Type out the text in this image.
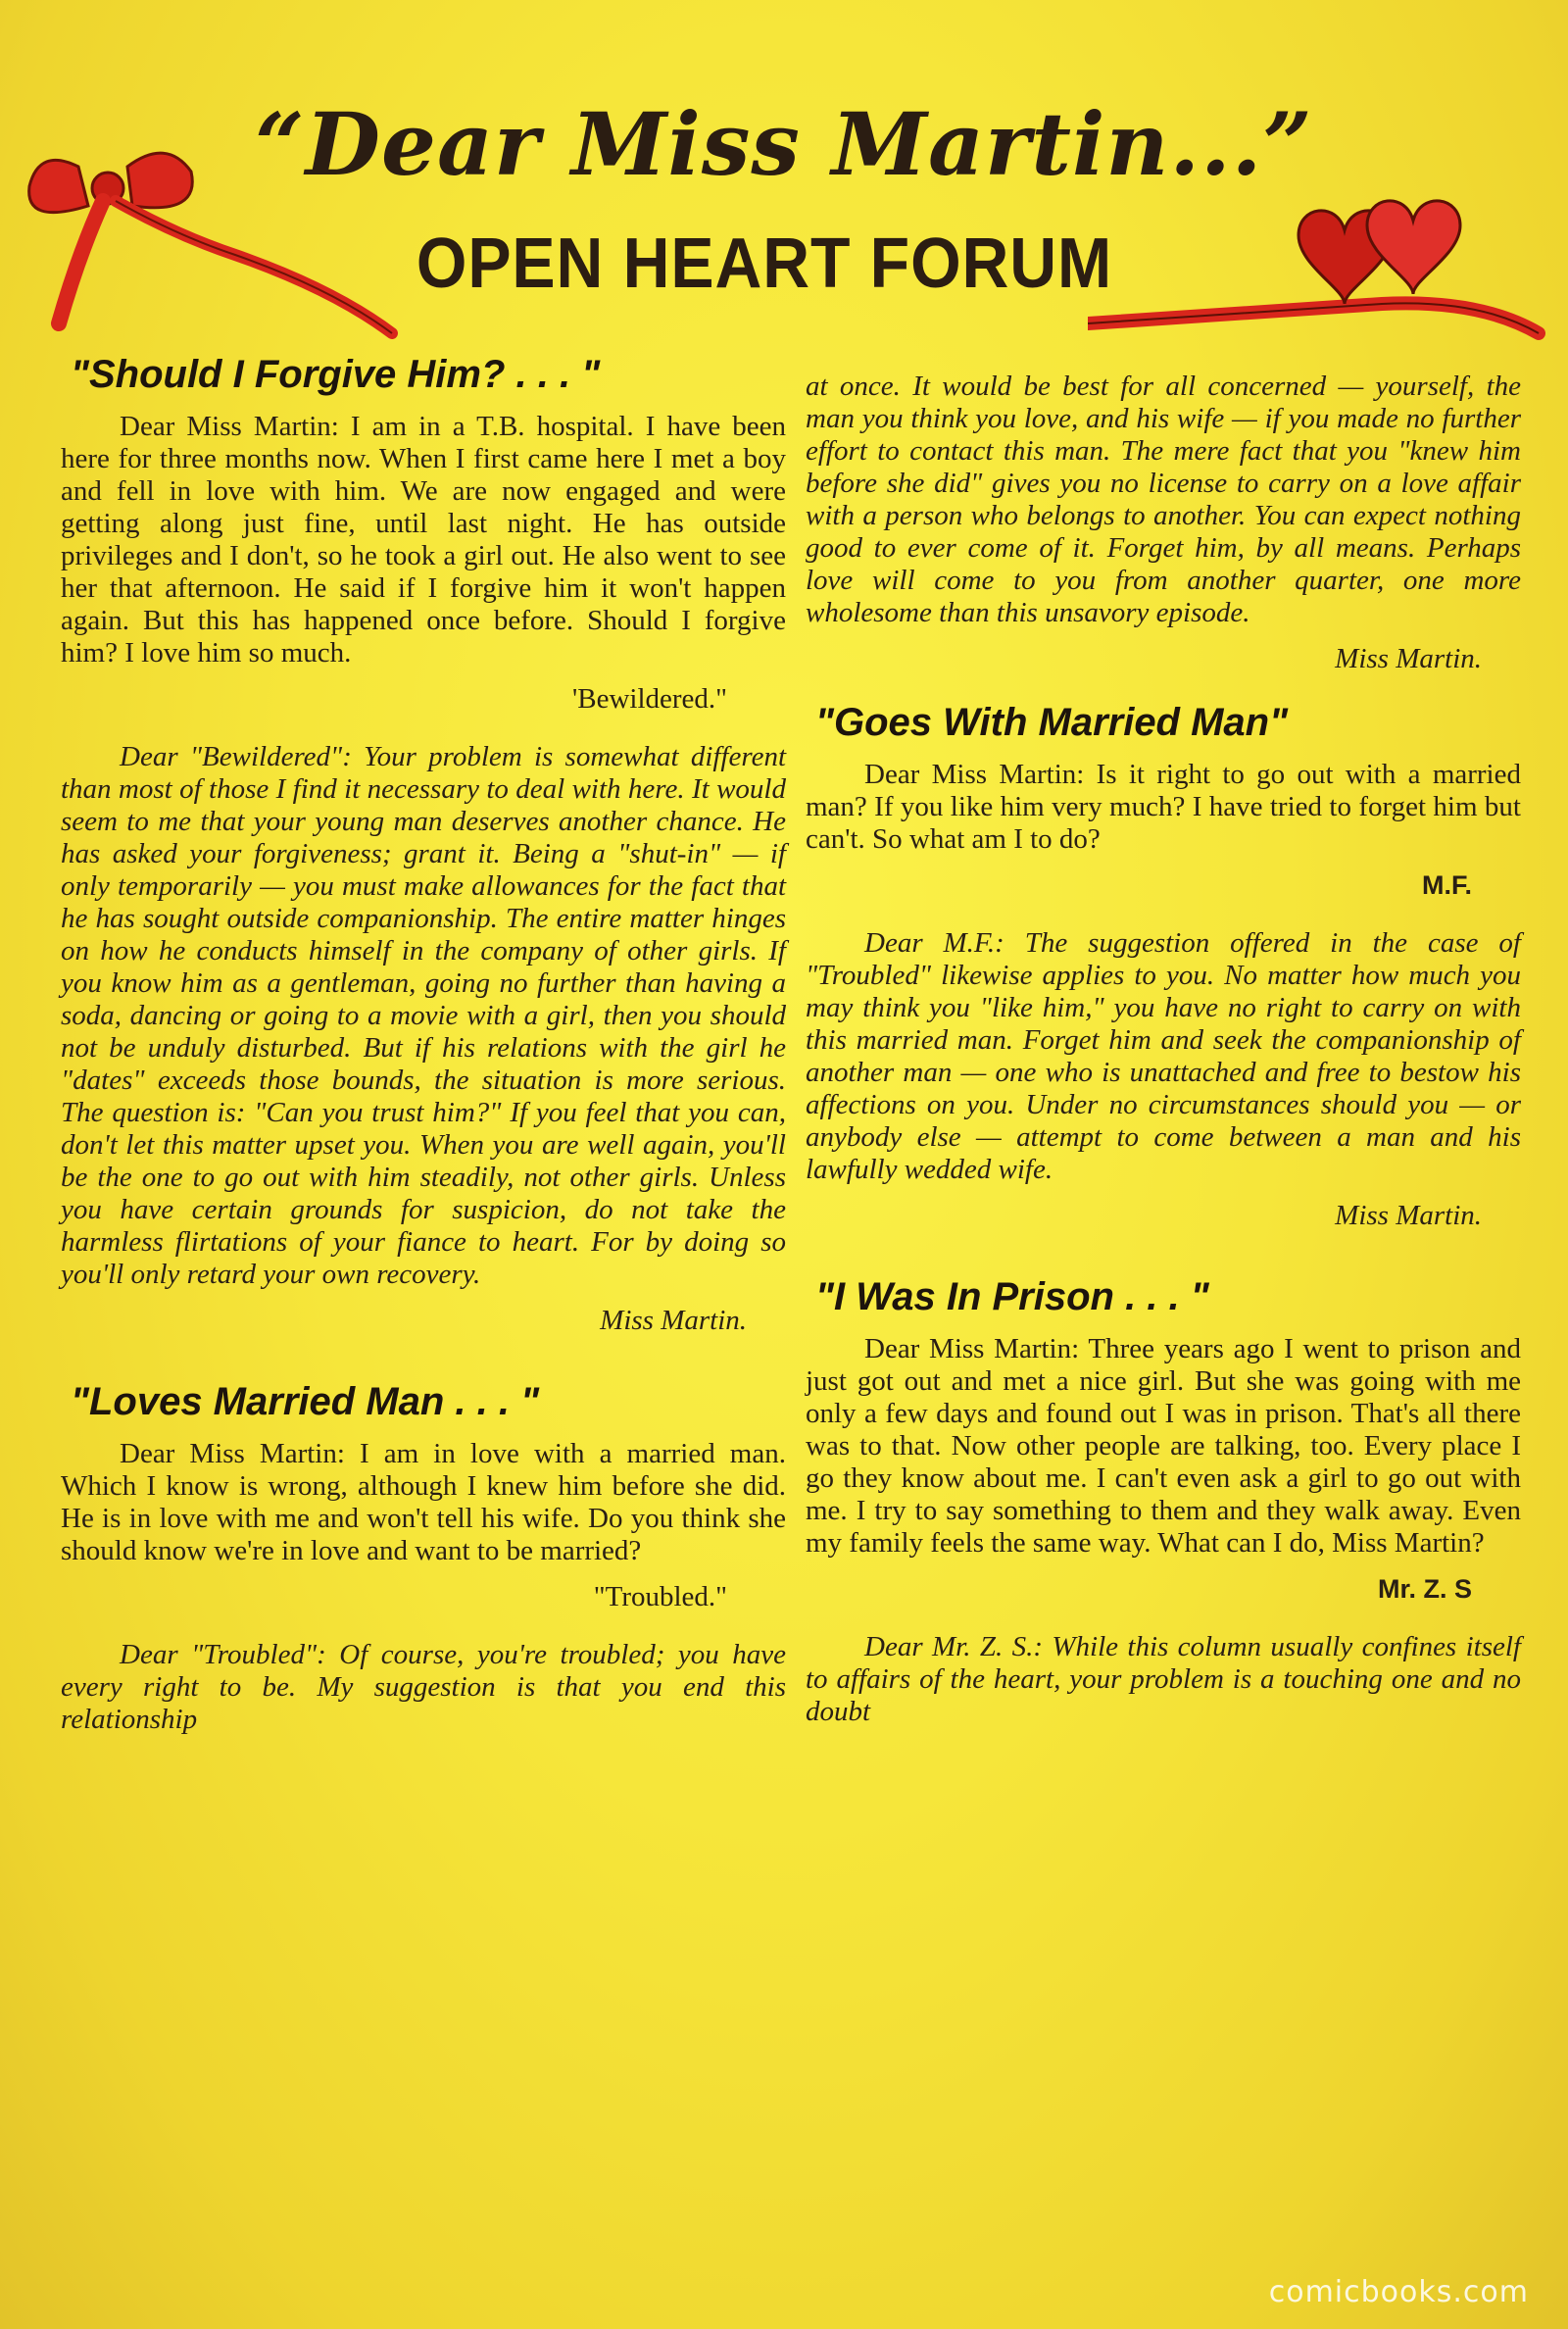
“Dear Miss Martin...”
OPEN HEART FORUM
"Should I Forgive Him? . . . "

Dear Miss Martin: I am in a T.B. hospital. I have been here for three months now. When I first came here I met a boy and fell in love with him. We are now engaged and were getting along just fine, until last night. He has outside privileges and I don't, so he took a girl out. He also went to see her that afternoon. He said if I forgive him it won't happen again. But this has happened once before. Should I forgive him? I love him so much.

'Bewildered."

Dear "Bewildered": Your problem is somewhat different than most of those I find it necessary to deal with here. It would seem to me that your young man deserves another chance. He has asked your forgiveness; grant it. Being a "shut-in" — if only temporarily — you must make allowances for the fact that he has sought outside companionship. The entire matter hinges on how he conducts himself in the company of other girls. If you know him as a gentleman, going no further than having a soda, dancing or going to a movie with a girl, then you should not be unduly disturbed. But if his relations with the girl he "dates" exceeds those bounds, the situation is more serious. The question is: "Can you trust him?" If you feel that you can, don't let this matter upset you. When you are well again, you'll be the one to go out with him steadily, not other girls. Unless you have certain grounds for suspicion, do not take the harmless flirtations of your fiance to heart. For by doing so you'll only retard your own recovery.

Miss Martin.
"Loves Married Man . . . "

Dear Miss Martin: I am in love with a married man. Which I know is wrong, although I knew him before she did. He is in love with me and won't tell his wife. Do you think she should know we're in love and want to be married?

"Troubled."

Dear "Troubled": Of course, you're troubled; you have every right to be. My suggestion is that you end this relationship

at once. It would be best for all concerned — yourself, the man you think you love, and his wife — if you made no further effort to contact this man. The mere fact that you "knew him before she did" gives you no license to carry on a love affair with a person who belongs to another. You can expect nothing good to ever come of it. Forget him, by all means. Perhaps love will come to you from another quarter, one more wholesome than this unsavory episode.

Miss Martin.
"Goes With Married Man"

Dear Miss Martin: Is it right to go out with a married man? If you like him very much? I have tried to forget him but can't. So what am I to do?

M.F.

Dear M.F.: The suggestion offered in the case of "Troubled" likewise applies to you. No matter how much you may think you "like him," you have no right to carry on with this married man. Forget him and seek the companionship of another man — one who is unattached and free to bestow his affections on you. Under no circumstances should you — or anybody else — attempt to come between a man and his lawfully wedded wife.

Miss Martin.
"I Was In Prison . . . "

Dear Miss Martin: Three years ago I went to prison and just got out and met a nice girl. But she was going with me only a few days and found out I was in prison. That's all there was to that. Now other people are talking, too. Every place I go they know about me. I can't even ask a girl to go out with me. I try to say something to them and they walk away. Even my family feels the same way. What can I do, Miss Martin?

Mr. Z. S

Dear Mr. Z. S.: While this column usually confines itself to affairs of the heart, your problem is a touching one and no doubt

comicbooks.com
